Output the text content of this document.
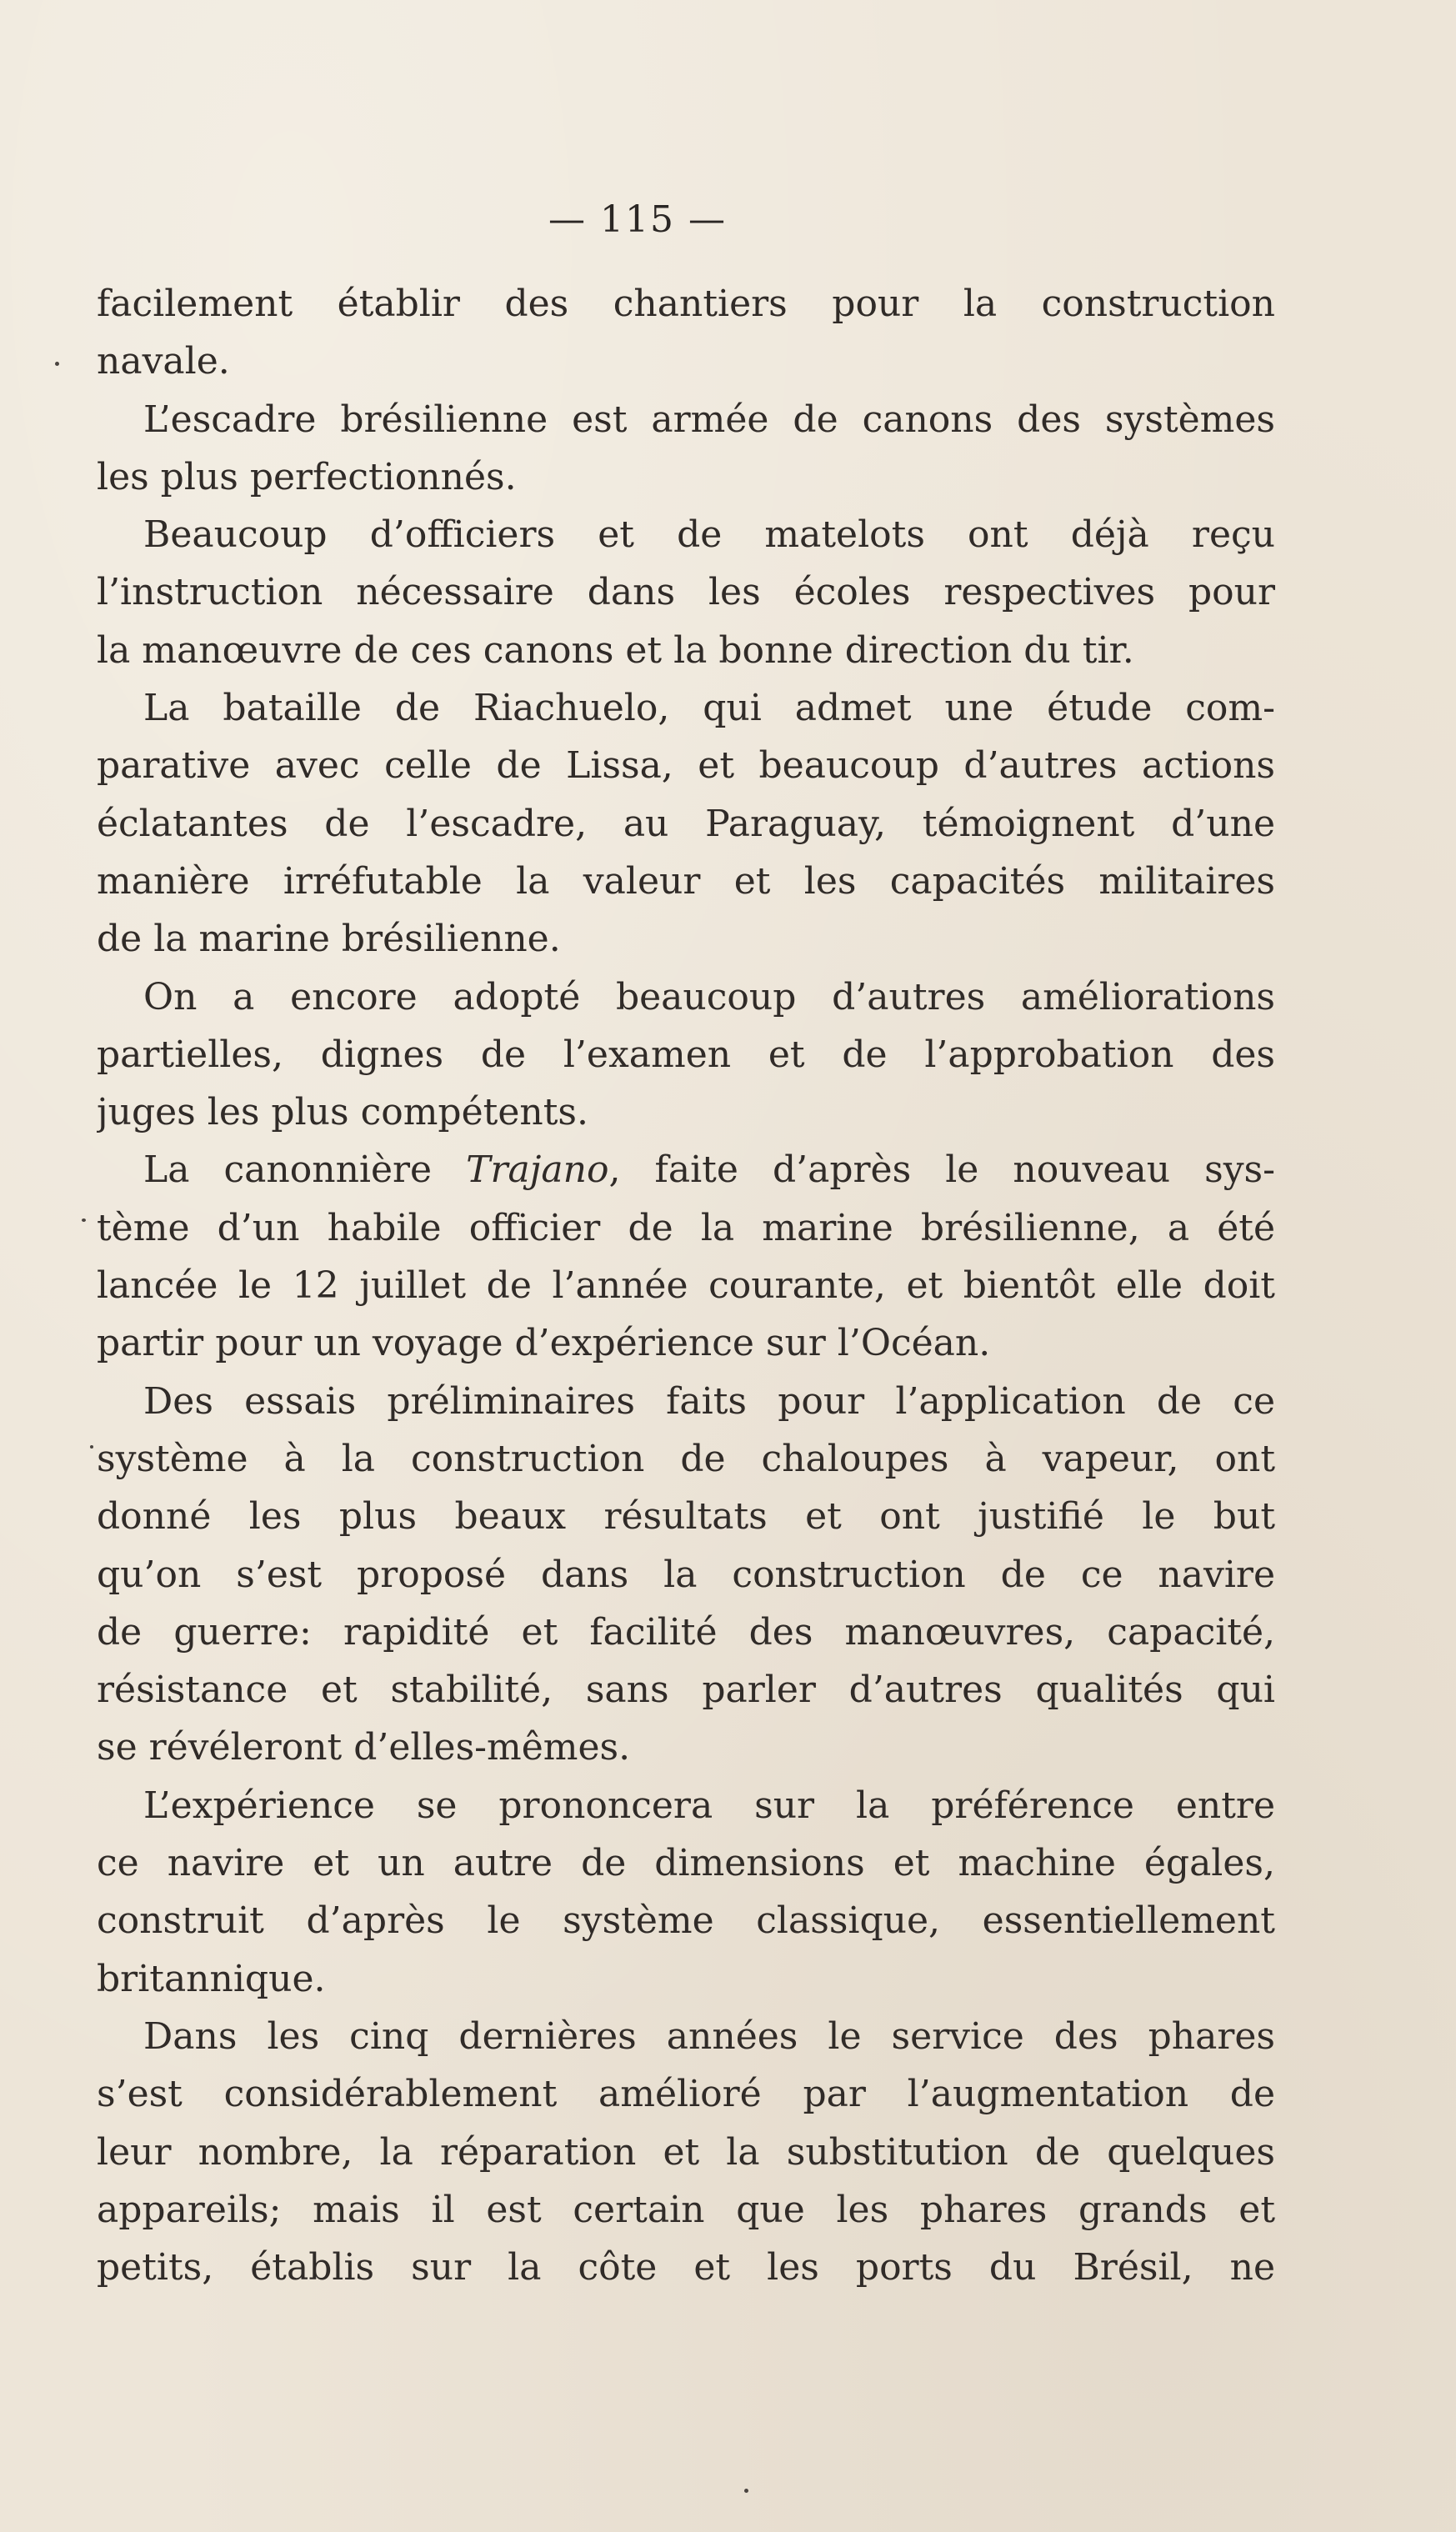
— 115 —
facilement établir des chantiers pour la construction
navale.
L’escadre brésilienne est armée de canons des systèmes
les plus perfectionnés.
Beaucoup d’officiers et de matelots ont déjà reçu
l’instruction nécessaire dans les écoles respectives pour
la manœuvre de ces canons et la bonne direction du tir.
La bataille de Riachuelo, qui admet une étude com-
parative avec celle de Lissa, et beaucoup d’autres actions
éclatantes de l’escadre, au Paraguay, témoignent d’une
manière irréfutable la valeur et les capacités militaires
de la marine brésilienne.
On a encore adopté beaucoup d’autres améliorations
partielles, dignes de l’examen et de l’approbation des
juges les plus compétents.
La canonnière Trajano, faite d’après le nouveau sys-
tème d’un habile officier de la marine brésilienne, a été
lancée le 12 juillet de l’année courante, et bientôt elle doit
partir pour un voyage d’expérience sur l’Océan.
Des essais préliminaires faits pour l’application de ce
système à la construction de chaloupes à vapeur, ont
donné les plus beaux résultats et ont justifié le but
qu’on s’est proposé dans la construction de ce navire
de guerre: rapidité et facilité des manœuvres, capacité,
résistance et stabilité, sans parler d’autres qualités qui
se révéleront d’elles-mêmes.
L’expérience se prononcera sur la préférence entre
ce navire et un autre de dimensions et machine égales,
construit d’après le système classique, essentiellement
britannique.
Dans les cinq dernières années le service des phares
s’est considérablement amélioré par l’augmentation de
leur nombre, la réparation et la substitution de quelques
appareils; mais il est certain que les phares grands et
petits, établis sur la côte et les ports du Brésil, ne
